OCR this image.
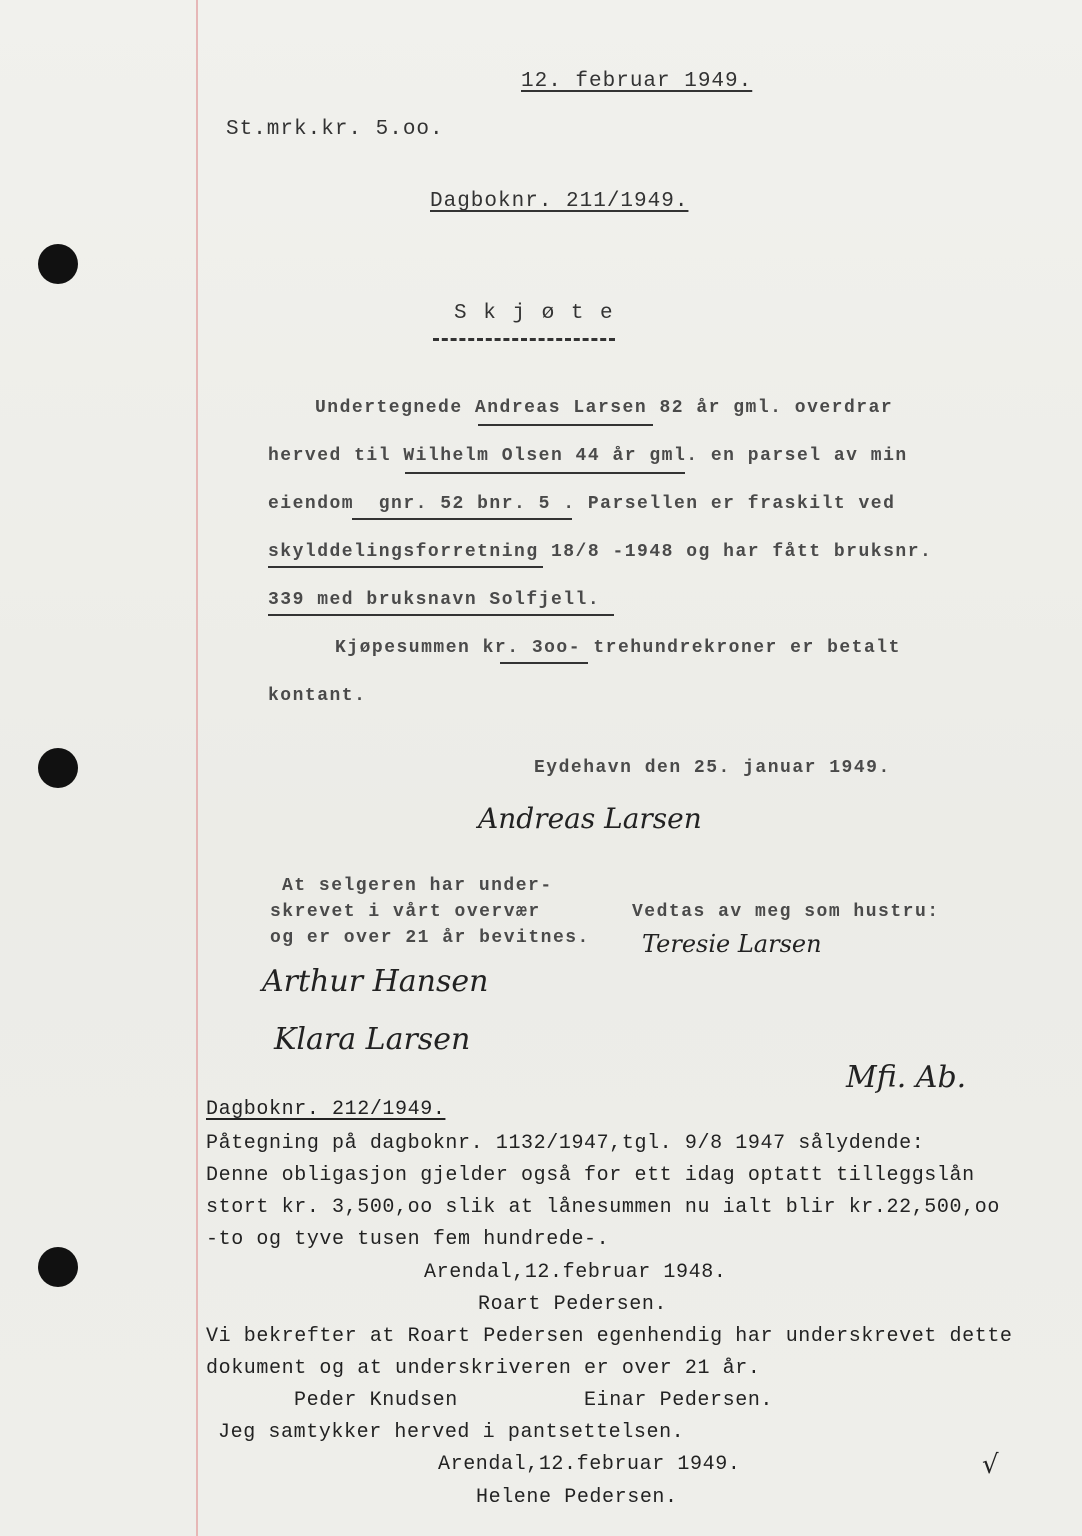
12. februar 1949.
St.mrk.kr. 5.oo.
Dagboknr. 211/1949.
S k j ø t e
Undertegnede Andreas Larsen 82 år gml. overdrar
herved til Wilhelm Olsen 44 år gml. en parsel av min
eiendom  gnr. 52 bnr. 5 . Parsellen er fraskilt ved
skylddelingsforretning 18/8 -1948 og har fått bruksnr.
339 med bruksnavn Solfjell.
Kjøpesummen kr. 3oo- trehundrekroner er betalt
kontant.
Eydehavn den 25. januar 1949.
Andreas Larsen
At selgeren har under-
skrevet i vårt overvær
og er over 21 år bevitnes.
Vedtas av meg som hustru:
Arthur Hansen
Teresie Larsen
Klara Larsen
Mfi. Ab.
Dagboknr. 212/1949.
Påtegning på dagboknr. 1132/1947,tgl. 9/8 1947 sålydende:
Denne obligasjon gjelder også for ett idag optatt tilleggslån
stort kr. 3,500,oo slik at lånesummen nu ialt blir kr.22,500,oo
-to og tyve tusen fem hundrede-.
Arendal,12.februar 1948.
Roart Pedersen.
Vi bekrefter at Roart Pedersen egenhendig har underskrevet dette
dokument og at underskriveren er over 21 år.
Peder Knudsen	Einar Pedersen.
Jeg samtykker herved i pantsettelsen.
Arendal,12.februar 1949.
Helene Pedersen.
√
